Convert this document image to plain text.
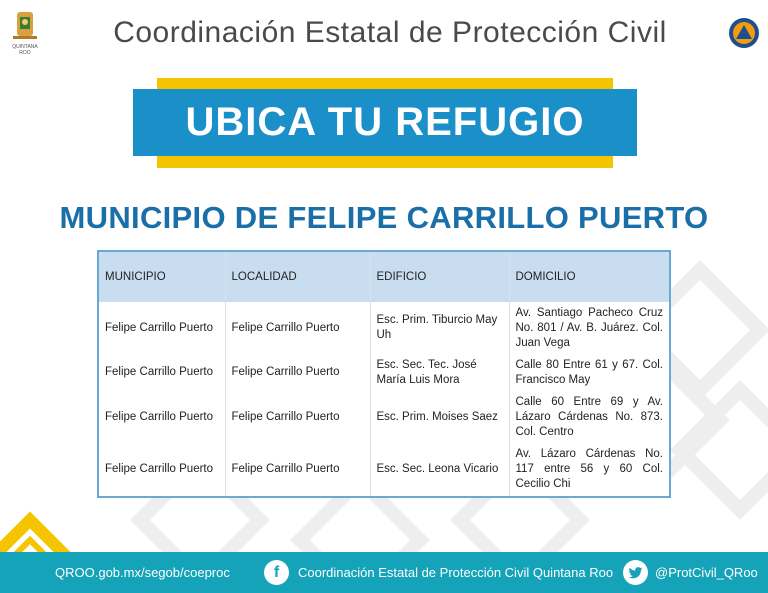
QUINTANA ROO
Coordinación Estatal de Protección Civil
UBICA TU REFUGIO
MUNICIPIO DE FELIPE CARRILLO PUERTO
MUNICIPIO	LOCALIDAD	EDIFICIO	DOMICILIO
Felipe Carrillo Puerto	Felipe Carrillo Puerto	Esc. Prim. Tiburcio May Uh	Av. Santiago Pacheco Cruz No. 801 / Av. B. Juárez. Col. Juan Vega
Felipe Carrillo Puerto	Felipe Carrillo Puerto	Esc. Sec. Tec. José María Luis Mora	Calle 80 Entre 61 y 67. Col. Francisco May
Felipe Carrillo Puerto	Felipe Carrillo Puerto	Esc. Prim. Moises Saez	Calle 60 Entre 69 y Av. Lázaro Cárdenas No. 873. Col. Centro
Felipe Carrillo Puerto	Felipe Carrillo Puerto	Esc. Sec. Leona Vicario	Av. Lázaro Cárdenas No. 117 entre 56 y 60 Col. Cecilio Chi
QROO.gob.mx/segob/coeproc	f	Coordinación Estatal de Protección Civil Quintana Roo	@ProtCivil_QRoo
